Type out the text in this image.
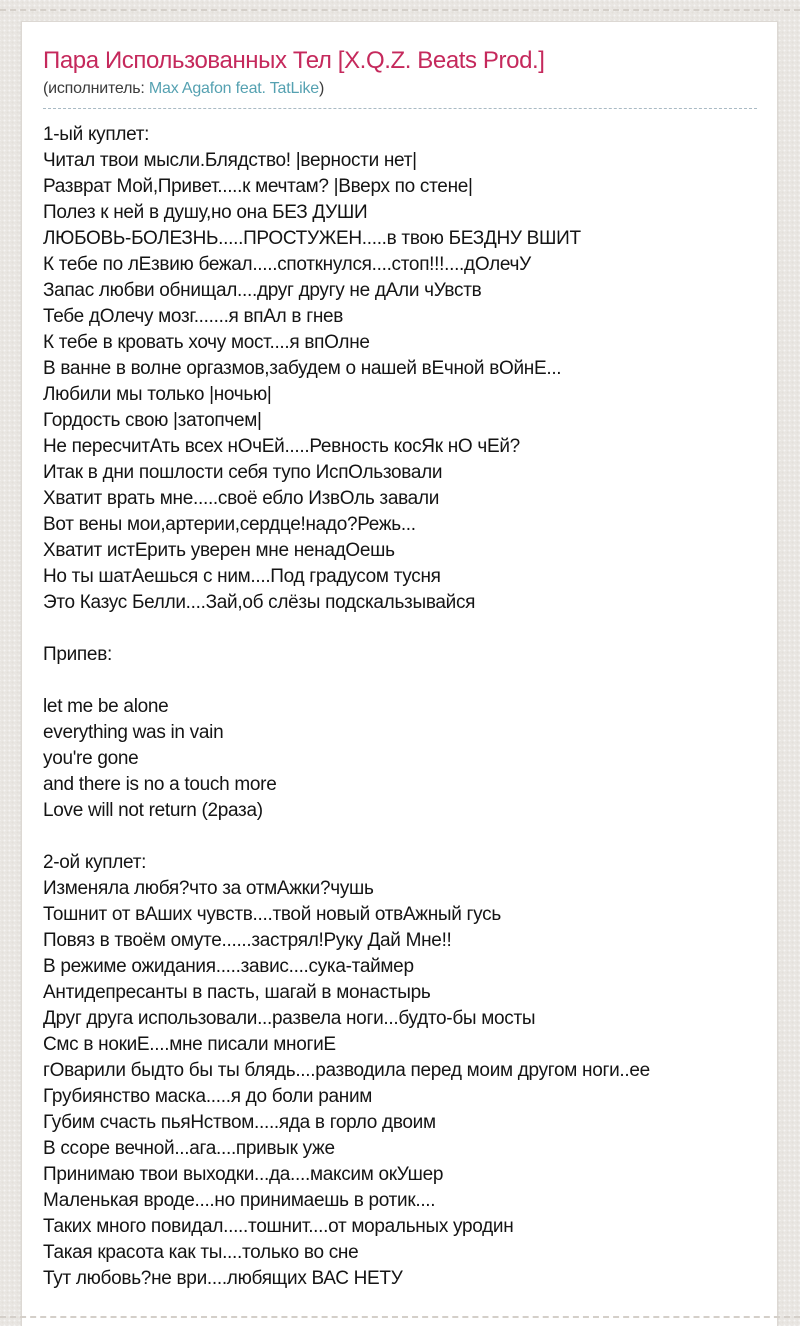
Пара Использованных Тел [X.Q.Z. Beats Prod.]
(исполнитель: Max Agafon feat. TatLike)
1-ый куплет:
Читал твои мысли.Блядство! |верности нет|
Разврат Мой,Привет.....к мечтам? |Вверх по стене|
Полез к ней в душу,но она БЕЗ ДУШИ
ЛЮБОВЬ-БОЛЕЗНЬ.....ПРОСТУЖЕН.....в твою БЕЗДНУ ВШИТ
К тебе по лЕзвию бежал.....споткнулся....стоп!!!....дОлечУ
Запас любви обнищал....друг другу не дАли чУвств
Тебе дОлечу мозг.......я впАл в гнев
К тебе в кровать хочу мост....я впОлне
В ванне в волне оргазмов,забудем о нашей вЕчной вОйнЕ...
Любили мы только |ночью|
Гордость свою |затопчем|
Не пересчитАть всех нОчЕй.....Ревность косЯк нО чЕй?
Итак в дни пошлости себя тупо ИспОльзовали
Хватит врать мне.....своё ебло ИзвОль завали
Вот вены мои,артерии,сердце!надо?Режь...
Хватит истЕрить уверен мне ненадОешь
Но ты шатАешься с ним....Под градусом тусня
Это Казус Белли....Зай,об слёзы подскальзывайся

Припев:

let me be alone
everything was in vain
you're gone
and there is no a touch more
Love will not return (2раза)

2-ой куплет:
Изменяла любя?что за отмАжки?чушь
Тошнит от вАших чувств....твой новый отвАжный гусь
Повяз в твоём омуте......застрял!Руку Дай Мне!!
В режиме ожидания.....завис....сука-таймер
Антидепресанты в пасть, шагай в монастырь
Друг друга использовали...развела ноги...будто-бы мосты
Смс в нокиЕ....мне писали многиЕ
гОварили быдто бы ты блядь....разводила перед моим другом ноги..ее
Грубиянство маска.....я до боли раним
Губим счасть пьяНством.....яда в горло двоим
В ссоре вечной...ага....привык уже
Принимаю твои выходки...да....максим окУшер
Маленькая вроде....но принимаешь в ротик....
Таких много повидал.....тошнит....от моральных уродин
Такая красота как ты....только во сне
Тут любовь?не ври....любящих ВАС НЕТУ
